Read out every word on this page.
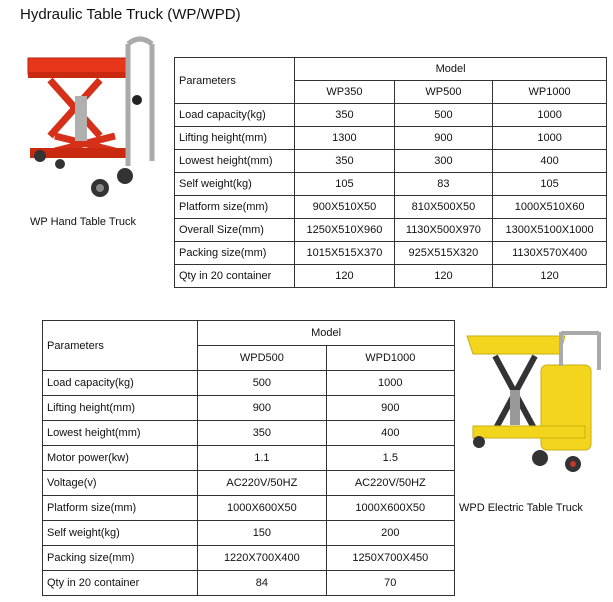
Hydraulic Table Truck (WP/WPD)
WP Hand Table Truck
Parameters	Model		
	WP350	WP500	WP1000
Load capacity(kg)	350	500	1000
Lifting height(mm)	1300	900	1000
Lowest height(mm)	350	300	400
Self weight(kg)	105	83	105
Platform size(mm)	900X510X50	810X500X50	1000X510X60
Overall Size(mm)	1250X510X960	1130X500X970	1300X5100X1000
Packing size(mm)	1015X515X370	925X515X320	1130X570X400
Qty in 20 container	120	120	120
Parameters	Model	
	WPD500	WPD1000
Load capacity(kg)	500	1000
Lifting height(mm)	900	900
Lowest height(mm)	350	400
Motor power(kw)	1.1	1.5
Voltage(v)	AC220V/50HZ	AC220V/50HZ
Platform size(mm)	1000X600X50	1000X600X50
Self weight(kg)	150	200
Packing size(mm)	1220X700X400	1250X700X450
Qty in 20 container	84	70
WPD Electric Table Truck
